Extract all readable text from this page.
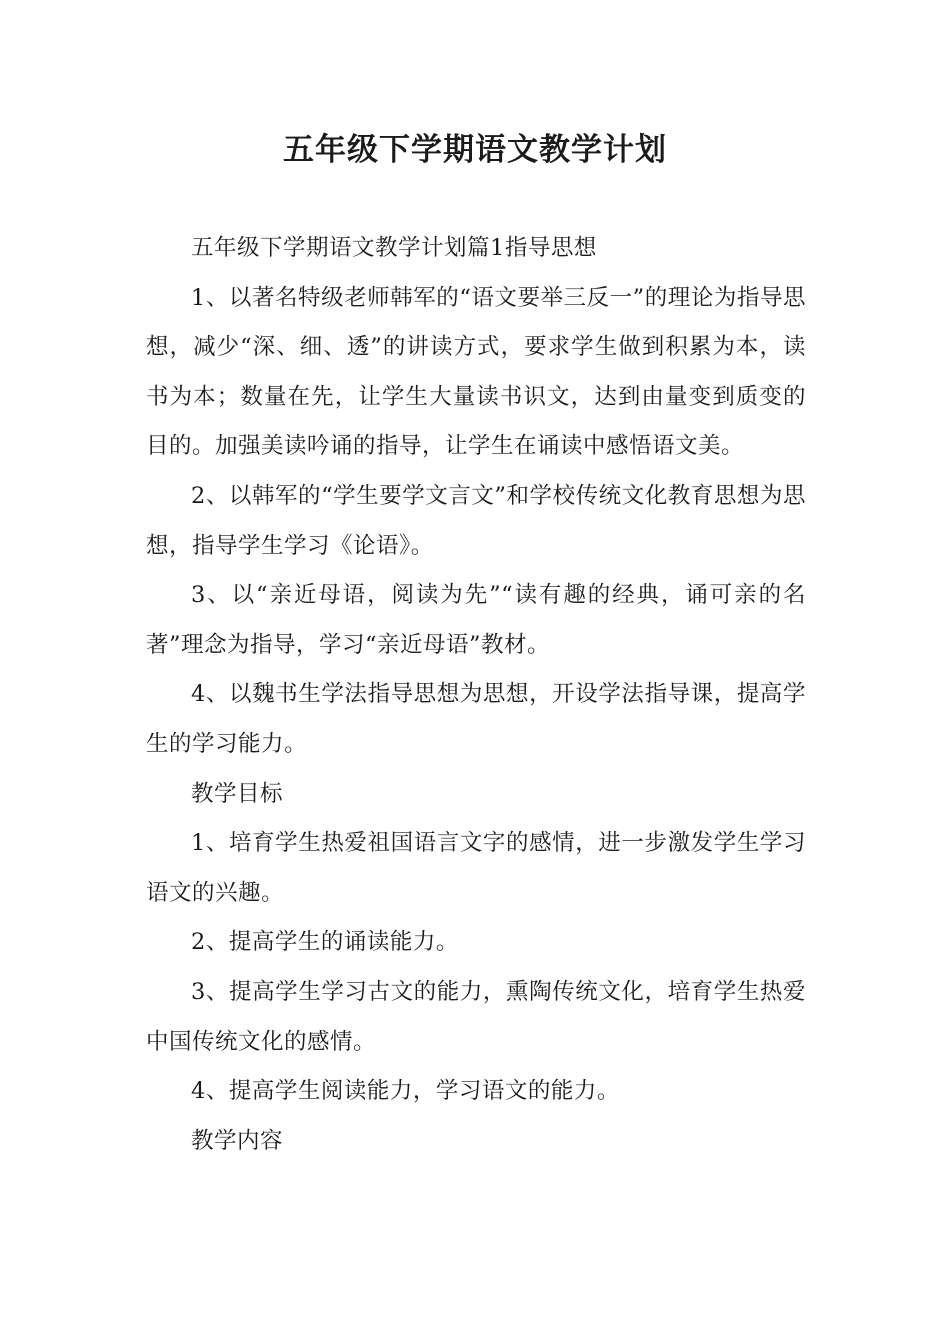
五年级下学期语文教学计划

五年级下学期语文教学计划篇1指导思想

1、以著名特级老师韩军的“语文要举三反一”的理论为指导思想，减少“深、细、透”的讲读方式，要求学生做到积累为本，读书为本；数量在先，让学生大量读书识文，达到由量变到质变的目的。加强美读吟诵的指导，让学生在诵读中感悟语文美。

2、以韩军的“学生要学文言文”和学校传统文化教育思想为思想，指导学生学习《论语》。

3、以“亲近母语，阅读为先”“读有趣的经典，诵可亲的名著”理念为指导，学习“亲近母语”教材。

4、以魏书生学法指导思想为思想，开设学法指导课，提高学生的学习能力。

教学目标

1、培育学生热爱祖国语言文字的感情，进一步激发学生学习语文的兴趣。

2、提高学生的诵读能力。

3、提高学生学习古文的能力，熏陶传统文化，培育学生热爱中国传统文化的感情。

4、提高学生阅读能力，学习语文的能力。

教学内容
